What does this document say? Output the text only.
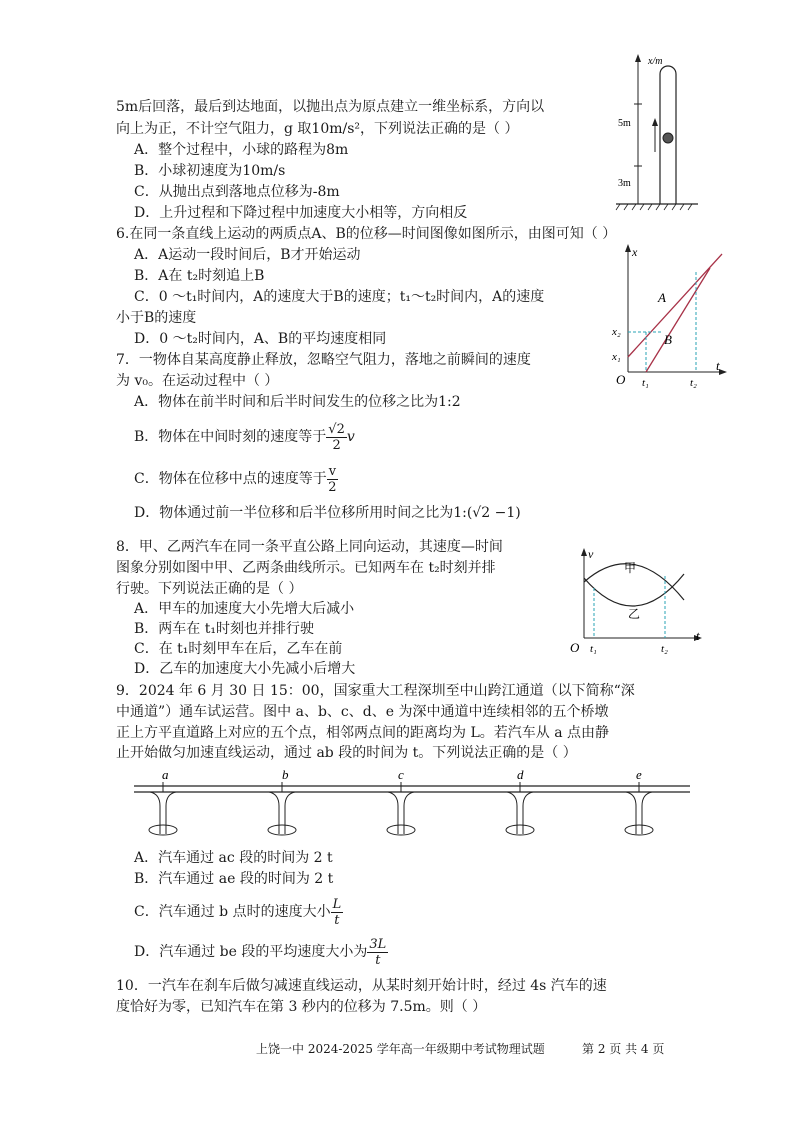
5m后回落，最后到达地面，以抛出点为原点建立一维坐标系，方向以
向上为正，不计空气阻力，g 取10m/s²，下列说法正确的是（ ）
A．整个过程中，小球的路程为8m
B．小球初速度为10m/s
C．从抛出点到落地点位移为-8m
D．上升过程和下降过程中加速度大小相等，方向相反
x/m
5m
3m
6.在同一条直线上运动的两质点A、B的位移—时间图像如图所示，由图可知（ ）
A．A运动一段时间后，B才开始运动
B．A在 t₂时刻追上B
C．0 ～t₁时间内，A的速度大于B的速度；t₁～t₂时间内，A的速度
小于B的速度
D．0 ～t₂时间内，A、B的平均速度相同
x
t
O
x₂
x₁
t₁	t₂
A
B
7．一物体自某高度静止释放，忽略空气阻力，落地之前瞬间的速度
为 v₀。在运动过程中（ ）
A．物体在前半时间和后半时间发生的位移之比为1:2
B．物体在中间时刻的速度等于 $\frac{√2}{2}$ v
C．物体在位移中点的速度等于 $\frac{v}{2}$
D．物体通过前一半位移和后半位移所用时间之比为1:(√2 −1)
8．甲、乙两汽车在同一条平直公路上同向运动，其速度—时间
图象分别如图中甲、乙两条曲线所示。已知两车在 t₂时刻并排
行驶。下列说法正确的是（ ）
A．甲车的加速度大小先增大后减小
B．两车在 t₁时刻也并排行驶
C．在 t₁时刻甲车在后，乙车在前
D．乙车的加速度大小先减小后增大
v
t
O
甲
乙
t₁	t₂
9．2024 年 6 月 30 日 15：00，国家重大工程深圳至中山跨江通道（以下简称“深
中通道”）通车试运营。图中 a、b、c、d、e 为深中通道中连续相邻的五个桥墩
正上方平直道路上对应的五个点，相邻两点间的距离均为 L。若汽车从 a 点由静
止开始做匀加速直线运动，通过 ab 段的时间为 t。下列说法正确的是（ ）
a	b	c	d	e
A．汽车通过 ac 段的时间为 2 t
B．汽车通过 ae 段的时间为 2 t
C．汽车通过 b 点时的速度大小 $\frac{L}{t}$
D．汽车通过 be 段的平均速度大小为 $\frac{3L}{t}$
10．一汽车在刹车后做匀减速直线运动，从某时刻开始计时，经过 4s 汽车的速
度恰好为零，已知汽车在第 3 秒内的位移为 7.5m。则（ ）
上饶一中 2024-2025 学年高一年级期中考试物理试题	第 2 页 共 4 页
